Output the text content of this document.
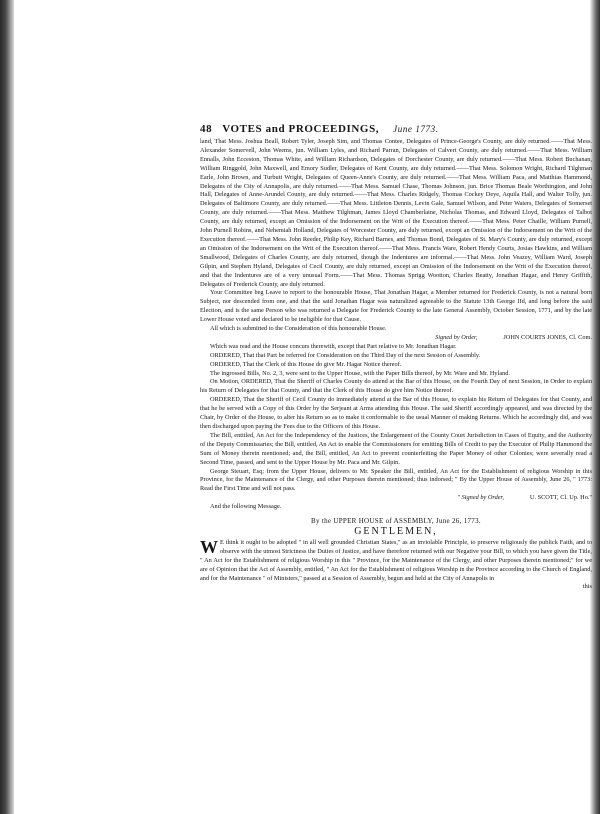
48 VOTES and PROCEEDINGS, June 1773.

land, That Mess. Joshua Beall, Robert Tyler, Joseph Sim, and Thomas Contee, Delegates of Prince-George's County, are duly returned.——That Mess. Alexander Somervell, John Weems, jun. William Lyles, and Richard Parran, Delegates of Calvert County, are duly returned.——That Mess. William Ennalls, John Ecceston, Thomas White, and William Richardson, Delegates of Dorchester County, are duly returned.——That Mess. Robert Buchanan, William Ringgold, John Maxwell, and Emory Sudler, Delegates of Kent County, are duly returned.——That Mess. Solomon Wright, Richard Tilghman Earle, John Brown, and Turbutt Wright, Delegates of Queen-Anne's County, are duly returned.——That Mess. William Paca, and Matthias Hammond, Delegates of the City of Annapolis, are duly returned.——That Mess. Samuel Chase, Thomas Johnson, jun. Brice Thomas Beale Worthington, and John Hall, Delegates of Anne-Arundel County, are duly returned.——That Mess. Charles Ridgely, Thomas Cockey Deye, Aquila Hall, and Walter Tolly, jun. Delegates of Baltimore County, are duly returned.——That Mess. Littleton Dennis, Levin Gale, Samuel Wilson, and Peter Waters, Delegates of Somerset County, are duly returned.——That Mess. Matthew Tilghman, James Lloyd Chamberlaine, Nicholas Thomas, and Edward Lloyd, Delegates of Talbot County, are duly returned, except an Omission of the Indorsement on the Writ of the Execution thereof.——That Mess. Peter Chaille, William Purnell, John Purnell Robins, and Nehemiah Holland, Delegates of Worcester County, are duly returned, except an Omission of the Indorsement on the Writ of the Execution thereof.——That Mess. John Reeder, Philip Key, Richard Barnes, and Thomas Bond, Delegates of St. Mary's County, are duly returned, except an Omission of the Indorsement on the Writ of the Execution thereof.——That Mess. Francis Ware, Robert Hendy Courts, Josias Hawkins, and William Smallwood, Delegates of Charles County, are duly returned, though the Indentures are informal.——That Mess. John Veazey, William Ward, Joseph Gilpin, and Stephen Hyland, Delegates of Cecil County, are duly returned, except an Omission of the Indorsement on the Writ of the Execution thereof, and that the Indentures are of a very unusual Form.——That Mess. Thomas Sprigg Wootton, Charles Beatty, Jonathan Hagar, and Henry Griffith, Delegates of Frederick County, are duly returned.

Your Committee beg Leave to report to the honourable House, That Jonathan Hagar, a Member returned for Frederick County, is not a natural born Subject, nor descended from one, and that the said Jonathan Hagar was naturalized agreeable to the Statute 13th George IId, and long before the said Election, and is the same Person who was returned a Delegate for Frederick County to the late General Assembly, October Session, 1771, and by the late Lower House voted and declared to be ineligible for that Cause.

All which is submitted to the Consideration of this honourable House.

Signed by Order,	JOHN COURTS JONES, Cl. Com.

Which was read and the House concurs therewith, except that Part relative to Mr. Jonathan Hagar.

ORDERED, That that Part be referred for Consideration on the Third Day of the next Session of Assembly.

ORDERED, That the Clerk of this House do give Mr. Hagar Notice thereof.

The ingrossed Bills, No. 2, 3, were sent to the Upper House, with the Paper Bills thereof, by Mr. Ware and Mr. Hyland.

On Motion, ORDERED, That the Sheriff of Charles County do attend at the Bar of this House, on the Fourth Day of next Session, in Order to explain his Return of Delegates for that County, and that the Clerk of this House do give him Notice thereof.

ORDERED, That the Sheriff of Cecil County do immediately attend at the Bar of this House, to explain his Return of Delegates for that County, and that he be served with a Copy of this Order by the Serjeant at Arms attending this House. The said Sheriff accordingly appeared, and was directed by the Chair, by Order of the House, to alter his Return so as to make it conformable to the usual Manner of making Returns. Which he accordingly did, and was then discharged upon paying the Fees due to the Officers of this House.

The Bill, entitled, An Act for the Independency of the Justices, the Enlargement of the County Court Jurisdiction in Cases of Equity, and the Authority of the Deputy Commissaries; the Bill, entitled, An Act to enable the Commissioners for emitting Bills of Credit to pay the Executor of Philip Hammond the Sum of Money therein mentioned; and, the Bill, entitled, An Act to prevent counterfeiting the Paper Money of other Colonies; were severally read a Second Time, passed, and sent to the Upper House by Mr. Paca and Mr. Gilpin.

George Steuart, Esq; from the Upper House, delivers to Mr. Speaker the Bill, entitled, An Act for the Establishment of religious Worship in this Province, for the Maintenance of the Clergy, and other Purposes therein mentioned; thus indorsed; " By the Upper House of Assembly, June 26, " 1773: Read the First Time and will not pass.

" Signed by Order,	U. SCOTT, Cl. Up. Ho."

And the following Message.

By the UPPER HOUSE of ASSEMBLY, June 26, 1773.
GENTLEMEN,

W E think it ought to be adopted " in all well grounded Christian States," as an inviolable Principle, to preserve religiously the publick Faith, and to observe with the utmost Strictness the Duties of Justice, and have therefore returned with our Negative your Bill, to which you have given the Title, " An Act for the Establishment of religious Worship in this " Province, for the Maintenance of the Clergy, and other Purposes therein mentioned;" for we are of Opinion that the Act of Assembly, entitled, " An Act for the Establishment of religious Worship in the Province according to the Church of England, and for the Maintenance " of Ministers," passed at a Session of Assembly, begun and held at the City of Annapolis in

this
